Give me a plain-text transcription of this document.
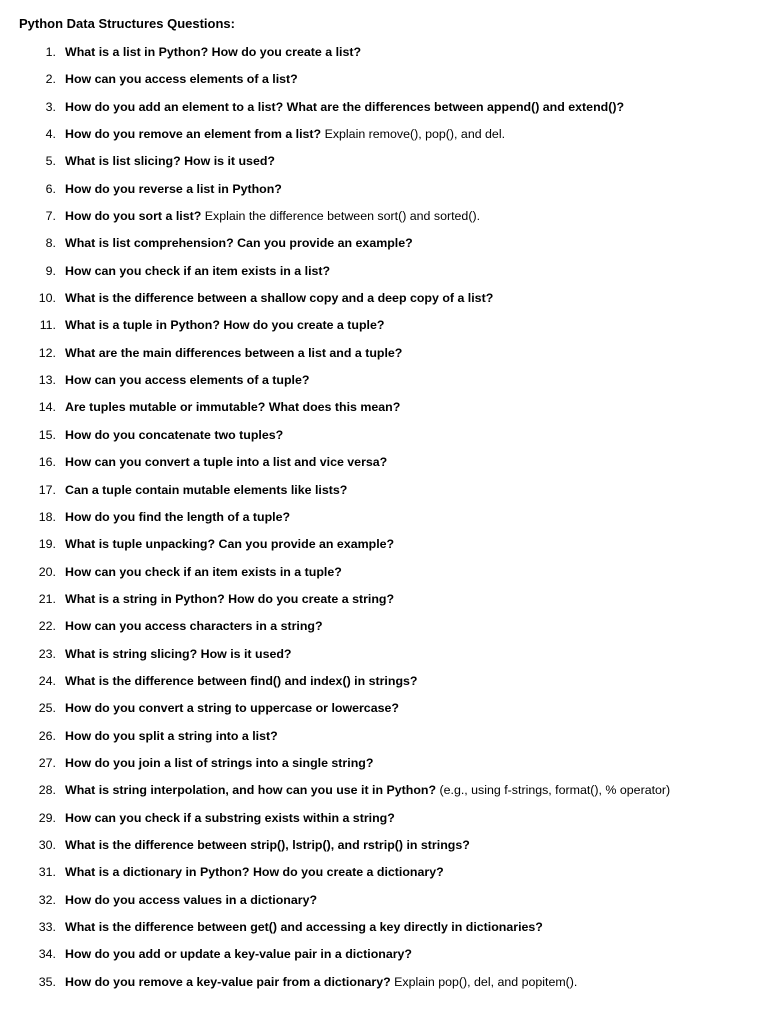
Python Data Structures Questions:
1. What is a list in Python? How do you create a list?
2. How can you access elements of a list?
3. How do you add an element to a list? What are the differences between append() and extend()?
4. How do you remove an element from a list? Explain remove(), pop(), and del.
5. What is list slicing? How is it used?
6. How do you reverse a list in Python?
7. How do you sort a list? Explain the difference between sort() and sorted().
8. What is list comprehension? Can you provide an example?
9. How can you check if an item exists in a list?
10. What is the difference between a shallow copy and a deep copy of a list?
11. What is a tuple in Python? How do you create a tuple?
12. What are the main differences between a list and a tuple?
13. How can you access elements of a tuple?
14. Are tuples mutable or immutable? What does this mean?
15. How do you concatenate two tuples?
16. How can you convert a tuple into a list and vice versa?
17. Can a tuple contain mutable elements like lists?
18. How do you find the length of a tuple?
19. What is tuple unpacking? Can you provide an example?
20. How can you check if an item exists in a tuple?
21. What is a string in Python? How do you create a string?
22. How can you access characters in a string?
23. What is string slicing? How is it used?
24. What is the difference between find() and index() in strings?
25. How do you convert a string to uppercase or lowercase?
26. How do you split a string into a list?
27. How do you join a list of strings into a single string?
28. What is string interpolation, and how can you use it in Python? (e.g., using f-strings, format(), % operator)
29. How can you check if a substring exists within a string?
30. What is the difference between strip(), lstrip(), and rstrip() in strings?
31. What is a dictionary in Python? How do you create a dictionary?
32. How do you access values in a dictionary?
33. What is the difference between get() and accessing a key directly in dictionaries?
34. How do you add or update a key-value pair in a dictionary?
35. How do you remove a key-value pair from a dictionary? Explain pop(), del, and popitem().
